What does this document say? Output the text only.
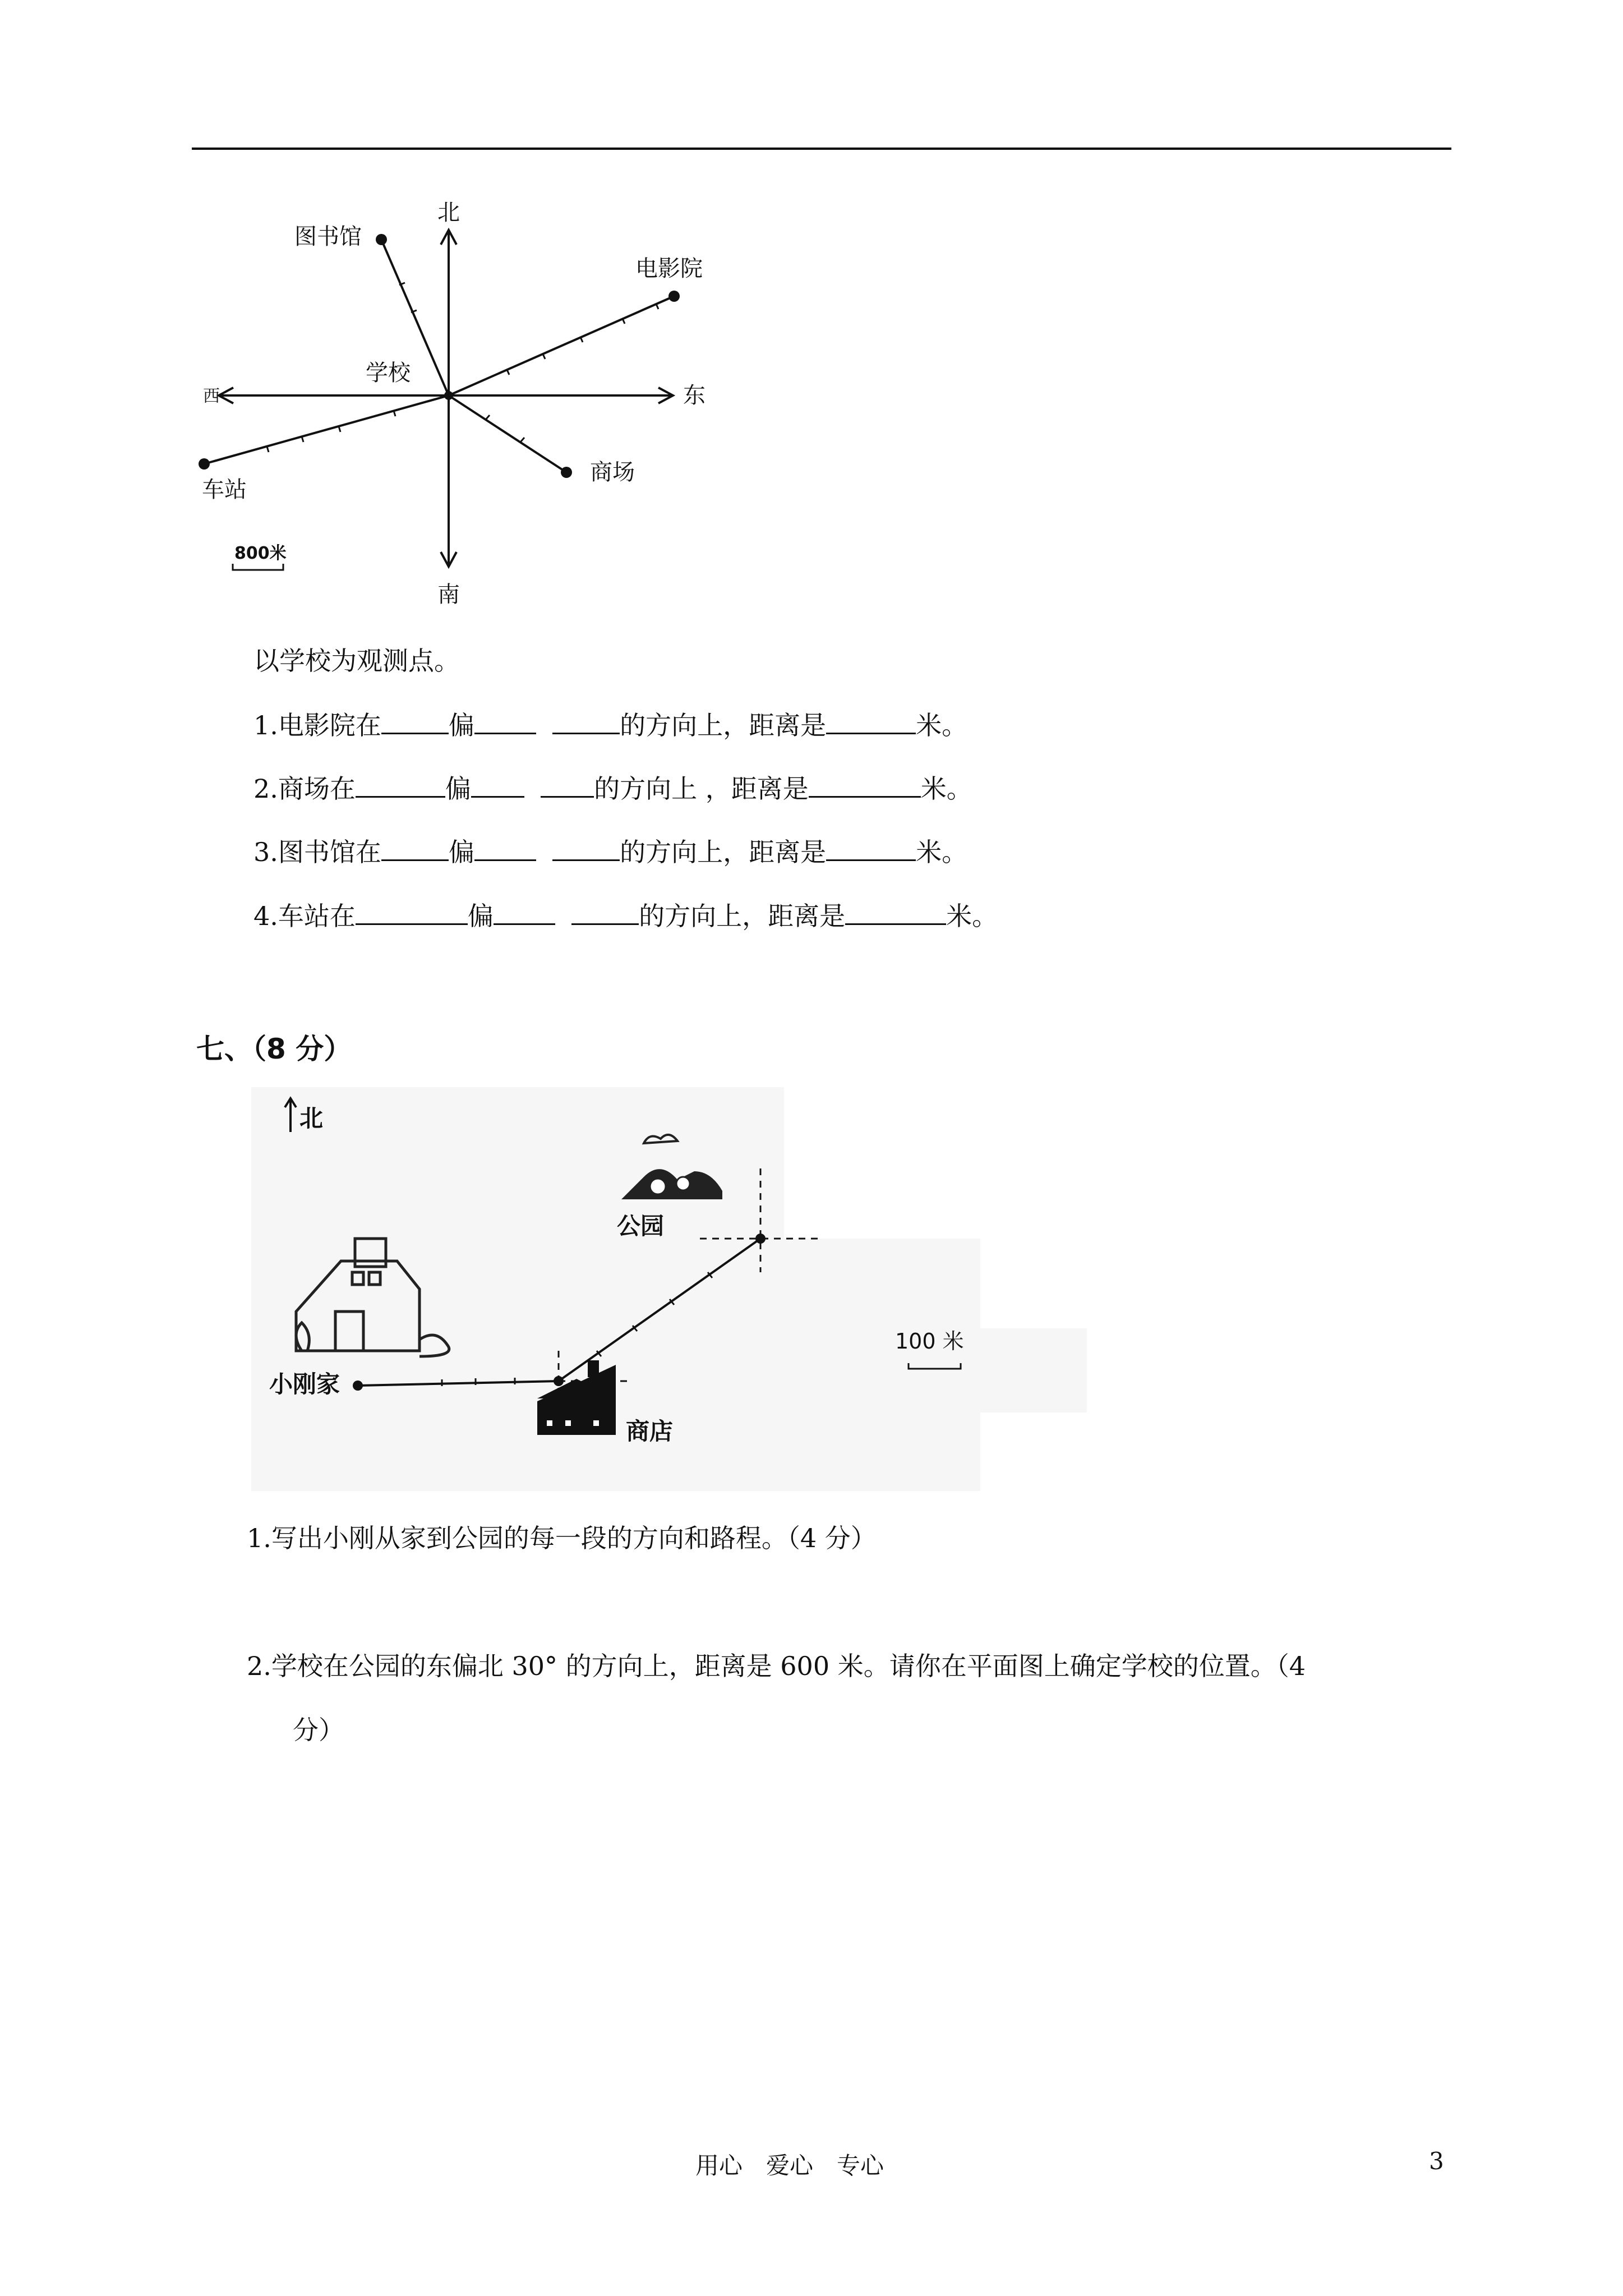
北
南
东
西
学校
图书馆
电影院
商场
车站
800米
以学校为观测点。
1.电影院在	偏	的方向上，距离是	米。
2.商场在	偏	的方向上 ，距离是	米。
3.图书馆在	偏	的方向上，距离是	米。
4.车站在	偏	的方向上，距离是	米。
七、（8 分）
北
公园
小刚家
商店
100 米
1.写出小刚从家到公园的每一段的方向和路程。（4 分）
2.学校在公园的东偏北 30° 的方向上，距离是 600 米。请你在平面图上确定学校的位置。（4
分）
用心　爱心　专心	3
